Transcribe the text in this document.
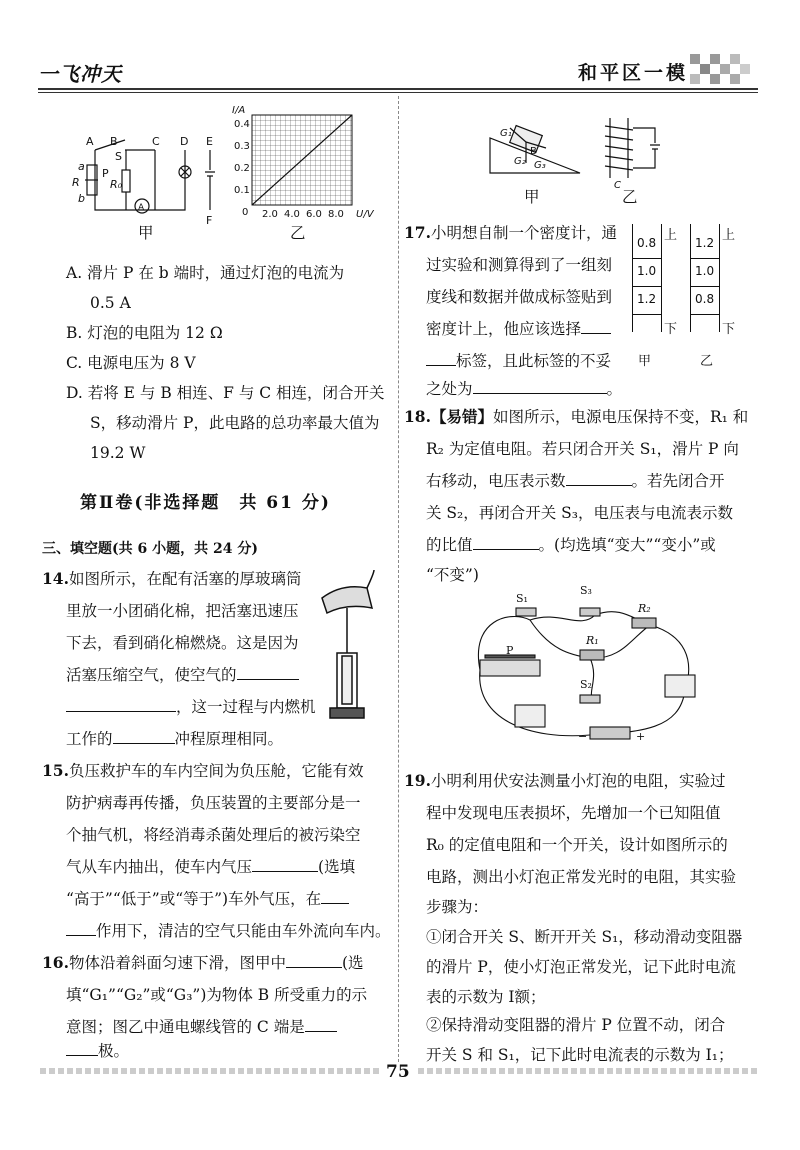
一飞冲天	和平区一模
A B	C D E
F
S
P
a
b
R	R₀
A
甲
I/A
0.4
0.3
0.2
0.1
0 2.0 4.0 6.0 8.0 U/V
乙
A. 滑片 P 在 b 端时，通过灯泡的电流为
0.5 A
B. 灯泡的电阻为 12 Ω
C. 电源电压为 8 V
D. 若将 E 与 B 相连、F 与 C 相连，闭合开关
S，移动滑片 P，此电路的总功率最大值为
19.2 W
第Ⅱ卷(非选择题　共 61 分)
三、填空题(共 6 小题，共 24 分)
14.如图所示，在配有活塞的厚玻璃筒
里放一小团硝化棉，把活塞迅速压
下去，看到硝化棉燃烧。这是因为
活塞压缩空气，使空气的
，这一过程与内燃机
工作的	冲程原理相同。
15.负压救护车的车内空间为负压舱，它能有效
防护病毒再传播，负压装置的主要部分是一
个抽气机，将经消毒杀菌处理后的被污染空
气从车内抽出，使车内气压	(选填
“高于”“低于”或“等于”)车外气压，在
作用下，清洁的空气只能由车外流向车内。
16.物体沿着斜面匀速下滑，图甲中	(选
填“G₁”“G₂”或“G₃”)为物体 B 所受重力的示
意图；图乙中通电螺线管的 C 端是
极。
G₁
B
G₂ G₃
C
甲	乙
17.小明想自制一个密度计，通
过实验和测算得到了一组刻
度线和数据并做成标签贴到
密度计上，他应该选择
标签，且此标签的不妥
之处为	。
0.8
1.0
1.2
上
下
甲
1.2
1.0
0.8
上
下
乙
18.【易错】如图所示，电源电压保持不变，R₁ 和
R₂ 为定值电阻。若只闭合开关 S₁，滑片 P 向
右移动，电压表示数	。若先闭合开
关 S₂，再闭合开关 S₃，电压表与电流表示数
的比值	。(均选填“变大”“变小”或
“不变”)
S₁
S₃
R₂
R₁
P
S₂
−	+
19.小明利用伏安法测量小灯泡的电阻，实验过
程中发现电压表损坏，先增加一个已知阻值
R₀ 的定值电阻和一个开关，设计如图所示的
电路，测出小灯泡正常发光时的电阻，其实验
步骤为：
①闭合开关 S、断开开关 S₁，移动滑动变阻器
的滑片 P，使小灯泡正常发光，记下此时电流
表的示数为 I额；
②保持滑动变阻器的滑片 P 位置不动，闭合
开关 S 和 S₁，记下此时电流表的示数为 I₁；
75
